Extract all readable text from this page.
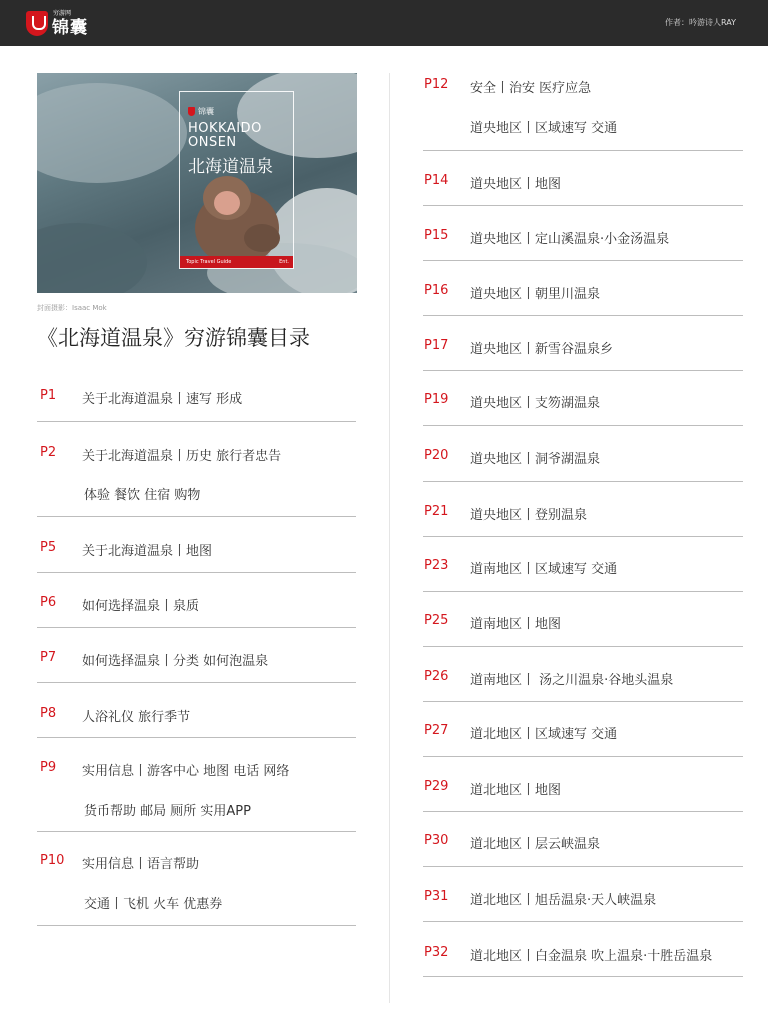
穷游网
锦囊	作者：吟游诗人RAY
锦囊
HOKKAIDO
ONSEN
北海道温泉
Topic Travel Guide	Ent.
封面摄影：Isaac Mok
《北海道温泉》穷游锦囊目录
P1 关于北海道温泉丨速写 形成
P2 关于北海道温泉丨历史 旅行者忠告
体验 餐饮 住宿 购物
P5 关于北海道温泉丨地图
P6 如何选择温泉丨泉质
P7 如何选择温泉丨分类 如何泡温泉
P8 人浴礼仪 旅行季节
P9 实用信息丨游客中心 地图 电话 网络
货币帮助 邮局 厕所 实用APP
P10 实用信息丨语言帮助
交通丨飞机 火车 优惠券
P12 安全丨治安 医疗应急
道央地区丨区域速写 交通
P14 道央地区丨地图
P15 道央地区丨定山溪温泉·小金汤温泉
P16 道央地区丨朝里川温泉
P17 道央地区丨新雪谷温泉乡
P19 道央地区丨支笏湖温泉
P20 道央地区丨洞爷湖温泉
P21 道央地区丨登别温泉
P23 道南地区丨区域速写 交通
P25 道南地区丨地图
P26 道南地区丨 汤之川温泉·谷地头温泉
P27 道北地区丨区域速写 交通
P29 道北地区丨地图
P30 道北地区丨层云峡温泉
P31 道北地区丨旭岳温泉·天人峡温泉
P32 道北地区丨白金温泉 吹上温泉·十胜岳温泉
